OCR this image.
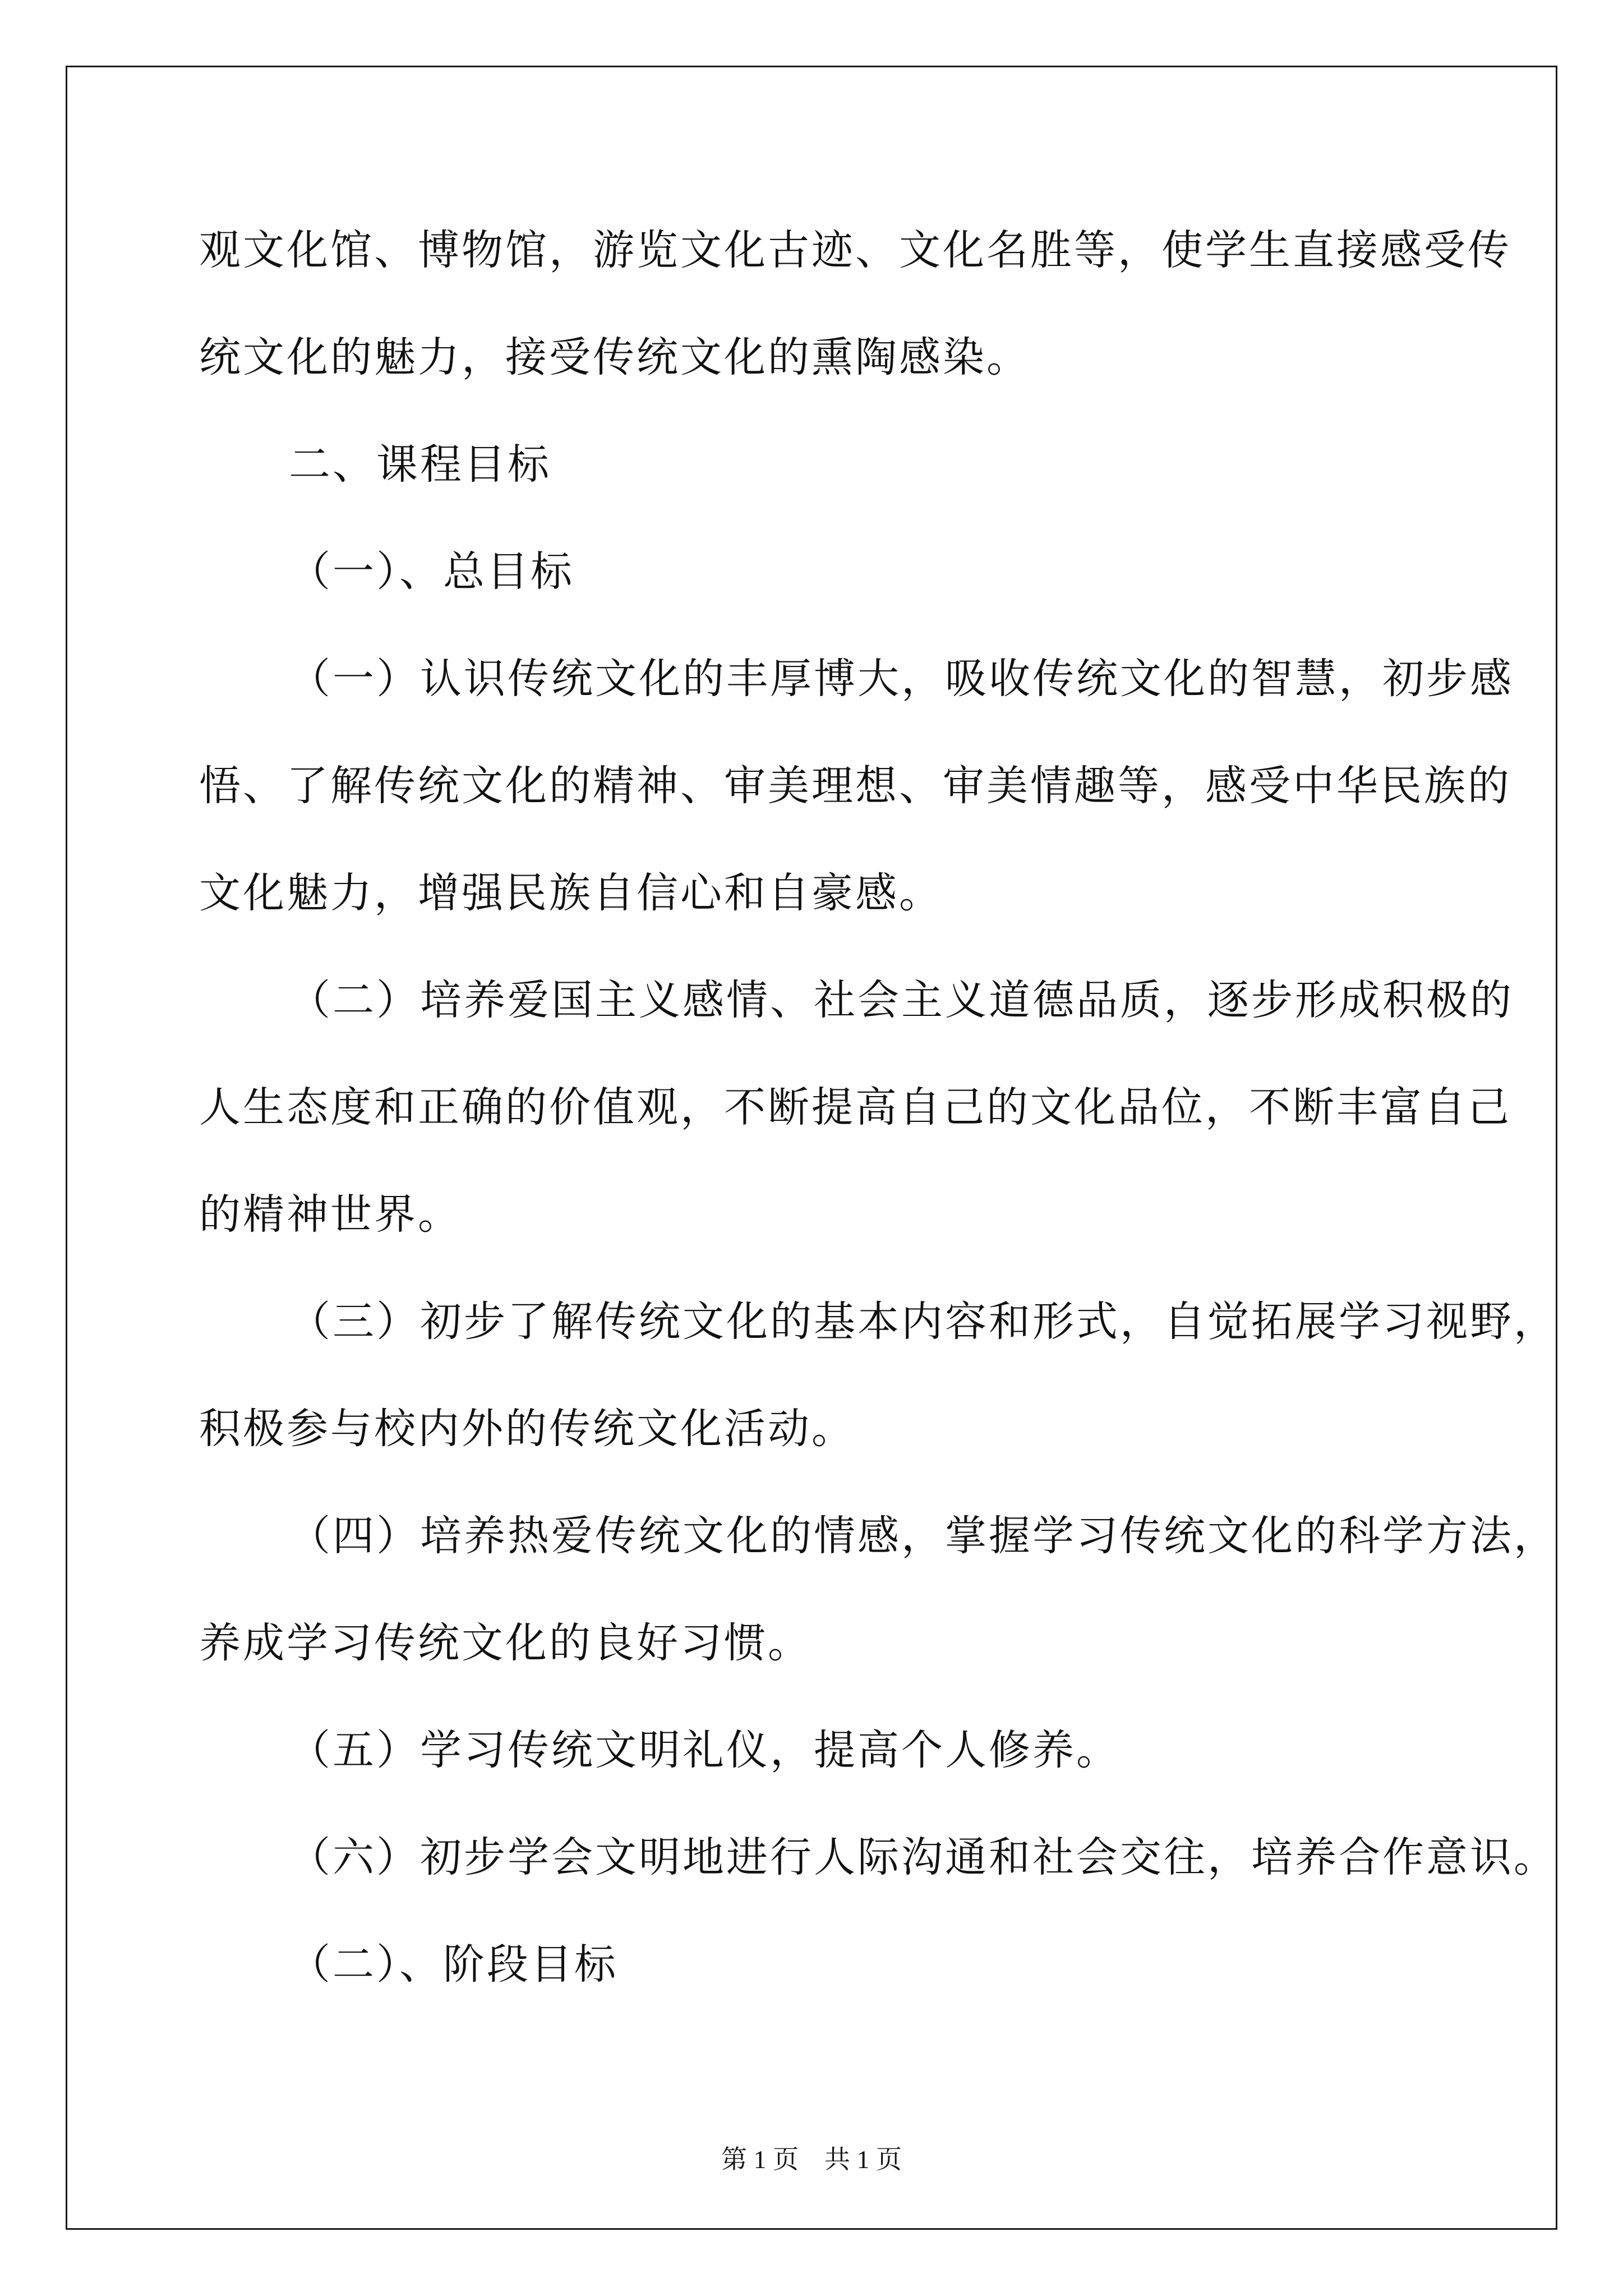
观文化馆、博物馆，游览文化古迹、文化名胜等，使学生直接感受传
统文化的魅力，接受传统文化的熏陶感染。
二、课程目标
（一）、总目标
（一）认识传统文化的丰厚博大，吸收传统文化的智慧，初步感
悟、了解传统文化的精神、审美理想、审美情趣等，感受中华民族的
文化魅力，增强民族自信心和自豪感。
（二）培养爱国主义感情、社会主义道德品质，逐步形成积极的
人生态度和正确的价值观，不断提高自己的文化品位，不断丰富自己
的精神世界。
（三）初步了解传统文化的基本内容和形式，自觉拓展学习视野，
积极参与校内外的传统文化活动。
（四）培养热爱传统文化的情感，掌握学习传统文化的科学方法，
养成学习传统文化的良好习惯。
（五）学习传统文明礼仪，提高个人修养。
（六）初步学会文明地进行人际沟通和社会交往，培养合作意识。
（二）、阶段目标
第 1 页    共 1 页
